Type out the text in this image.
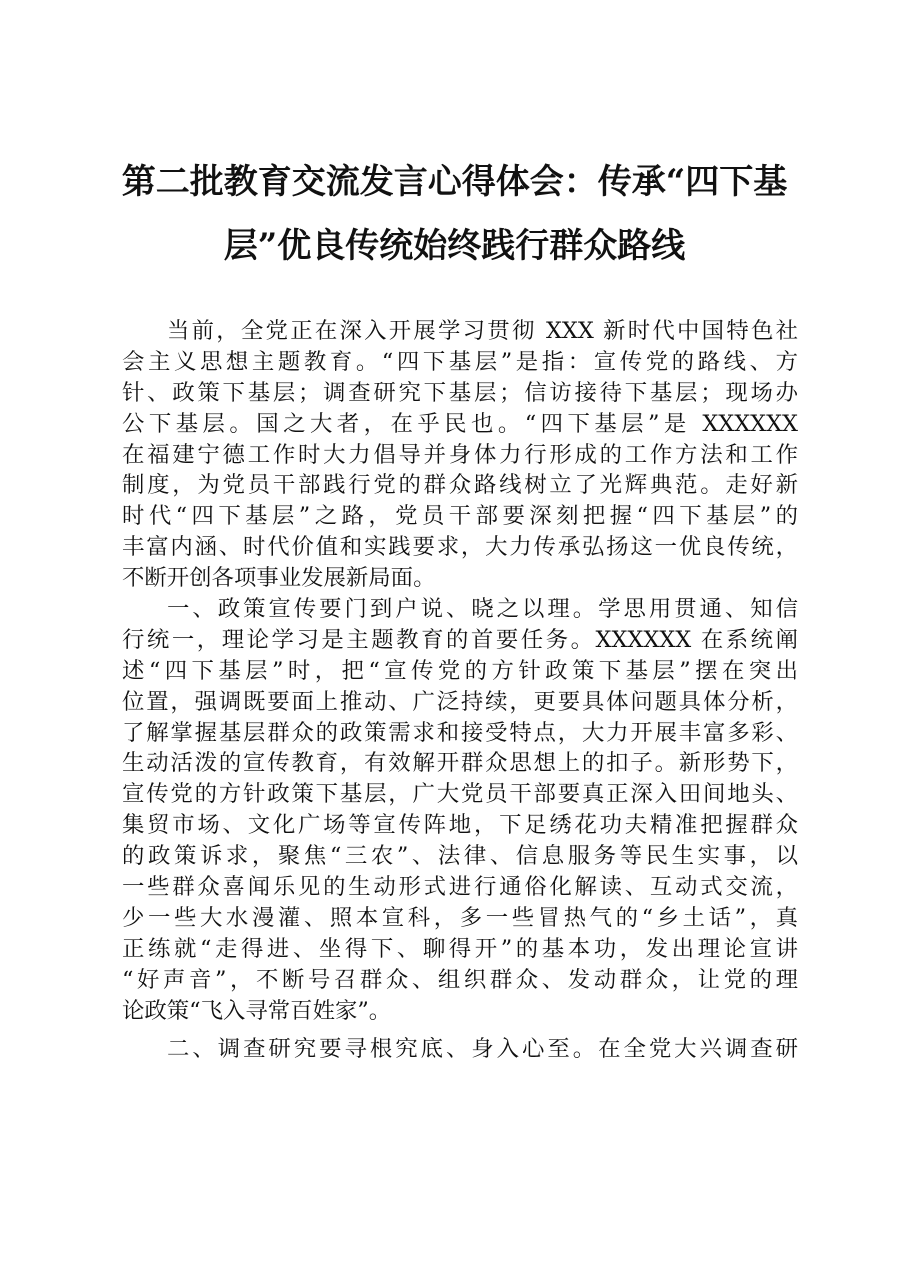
第二批教育交流发言心得体会：传承“四下基
层”优良传统始终践行群众路线

当前，全党正在深入开展学习贯彻 XXX 新时代中国特色社
会主义思想主题教育。“四下基层”是指：宣传党的路线、方
针、政策下基层；调查研究下基层；信访接待下基层；现场办
公下基层。国之大者，在乎民也。“四下基层”是 XXXXXX
在福建宁德工作时大力倡导并身体力行形成的工作方法和工作
制度，为党员干部践行党的群众路线树立了光辉典范。走好新
时代“四下基层”之路，党员干部要深刻把握“四下基层”的
丰富内涵、时代价值和实践要求，大力传承弘扬这一优良传统，
不断开创各项事业发展新局面。

一、政策宣传要门到户说、晓之以理。学思用贯通、知信
行统一，理论学习是主题教育的首要任务。XXXXXX 在系统阐
述“四下基层”时，把“宣传党的方针政策下基层”摆在突出
位置，强调既要面上推动、广泛持续，更要具体问题具体分析，
了解掌握基层群众的政策需求和接受特点，大力开展丰富多彩、
生动活泼的宣传教育，有效解开群众思想上的扣子。新形势下，
宣传党的方针政策下基层，广大党员干部要真正深入田间地头、
集贸市场、文化广场等宣传阵地，下足绣花功夫精准把握群众
的政策诉求，聚焦“三农”、法律、信息服务等民生实事，以
一些群众喜闻乐见的生动形式进行通俗化解读、互动式交流，
少一些大水漫灌、照本宣科，多一些冒热气的“乡土话”，真
正练就“走得进、坐得下、聊得开”的基本功，发出理论宣讲
“好声音”，不断号召群众、组织群众、发动群众，让党的理
论政策“飞入寻常百姓家”。

二、调查研究要寻根究底、身入心至。在全党大兴调查研
